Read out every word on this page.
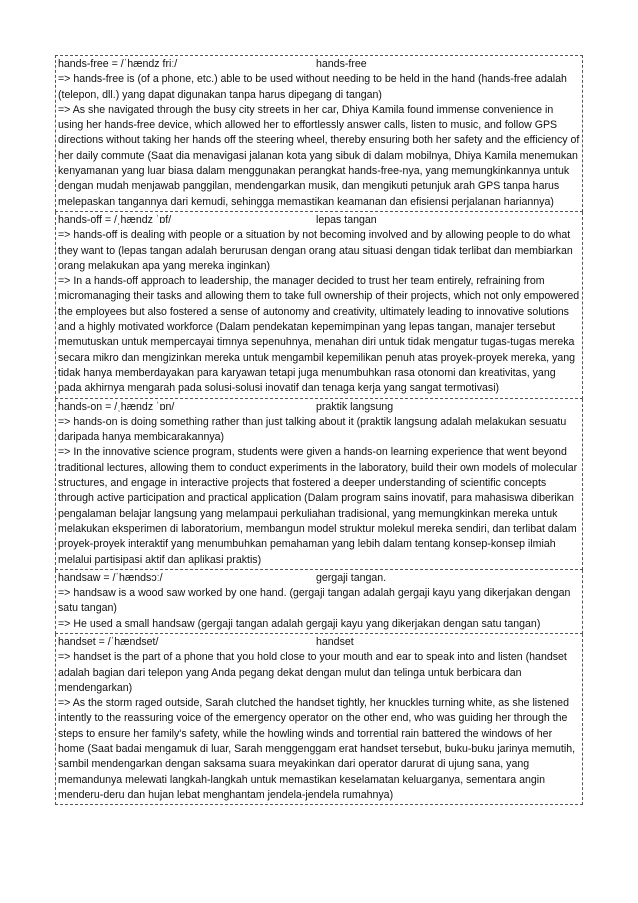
hands-free = /ˈhændz friː/	hands-free

=> hands-free is (of a phone, etc.) able to be used without needing to be held in the hand (hands-free adalah (telepon, dll.) yang dapat digunakan tanpa harus dipegang di tangan)

=> As she navigated through the busy city streets in her car, Dhiya Kamila found immense convenience in using her hands-free device, which allowed her to effortlessly answer calls, listen to music, and follow GPS directions without taking her hands off the steering wheel, thereby ensuring both her safety and the efficiency of her daily commute (Saat dia menavigasi jalanan kota yang sibuk di dalam mobilnya, Dhiya Kamila menemukan kenyamanan yang luar biasa dalam menggunakan perangkat hands-free-nya, yang memungkinkannya untuk dengan mudah menjawab panggilan, mendengarkan musik, dan mengikuti petunjuk arah GPS tanpa harus melepaskan tangannya dari kemudi, sehingga memastikan keamanan dan efisiensi perjalanan hariannya)

hands-off = /ˌhændz ˈɒf/	lepas tangan

=> hands-off is dealing with people or a situation by not becoming involved and by allowing people to do what they want to (lepas tangan adalah berurusan dengan orang atau situasi dengan tidak terlibat dan membiarkan orang melakukan apa yang mereka inginkan)

=> In a hands-off approach to leadership, the manager decided to trust her team entirely, refraining from micromanaging their tasks and allowing them to take full ownership of their projects, which not only empowered the employees but also fostered a sense of autonomy and creativity, ultimately leading to innovative solutions and a highly motivated workforce (Dalam pendekatan kepemimpinan yang lepas tangan, manajer tersebut memutuskan untuk mempercayai timnya sepenuhnya, menahan diri untuk tidak mengatur tugas-tugas mereka secara mikro dan mengizinkan mereka untuk mengambil kepemilikan penuh atas proyek-proyek mereka, yang tidak hanya memberdayakan para karyawan tetapi juga menumbuhkan rasa otonomi dan kreativitas, yang pada akhirnya mengarah pada solusi-solusi inovatif dan tenaga kerja yang sangat termotivasi)

hands-on = /ˌhændz ˈɒn/	praktik langsung

=> hands-on is doing something rather than just talking about it (praktik langsung adalah melakukan sesuatu daripada hanya membicarakannya)

=> In the innovative science program, students were given a hands-on learning experience that went beyond traditional lectures, allowing them to conduct experiments in the laboratory, build their own models of molecular structures, and engage in interactive projects that fostered a deeper understanding of scientific concepts through active participation and practical application (Dalam program sains inovatif, para mahasiswa diberikan pengalaman belajar langsung yang melampaui perkuliahan tradisional, yang memungkinkan mereka untuk melakukan eksperimen di laboratorium, membangun model struktur molekul mereka sendiri, dan terlibat dalam proyek-proyek interaktif yang menumbuhkan pemahaman yang lebih dalam tentang konsep-konsep ilmiah melalui partisipasi aktif dan aplikasi praktis)

handsaw = /ˈhændsɔː/	gergaji tangan.

=> handsaw is a wood saw worked by one hand. (gergaji tangan adalah gergaji kayu yang dikerjakan dengan satu tangan)

=> He used a small handsaw (gergaji tangan adalah gergaji kayu yang dikerjakan dengan satu tangan)

handset = /ˈhændset/	handset

=> handset is the part of a phone that you hold close to your mouth and ear to speak into and listen (handset adalah bagian dari telepon yang Anda pegang dekat dengan mulut dan telinga untuk berbicara dan mendengarkan)

=> As the storm raged outside, Sarah clutched the handset tightly, her knuckles turning white, as she listened intently to the reassuring voice of the emergency operator on the other end, who was guiding her through the steps to ensure her family's safety, while the howling winds and torrential rain battered the windows of her home (Saat badai mengamuk di luar, Sarah menggenggam erat handset tersebut, buku-buku jarinya memutih, sambil mendengarkan dengan saksama suara meyakinkan dari operator darurat di ujung sana, yang memandunya melewati langkah-langkah untuk memastikan keselamatan keluarganya, sementara angin menderu-deru dan hujan lebat menghantam jendela-jendela rumahnya)
